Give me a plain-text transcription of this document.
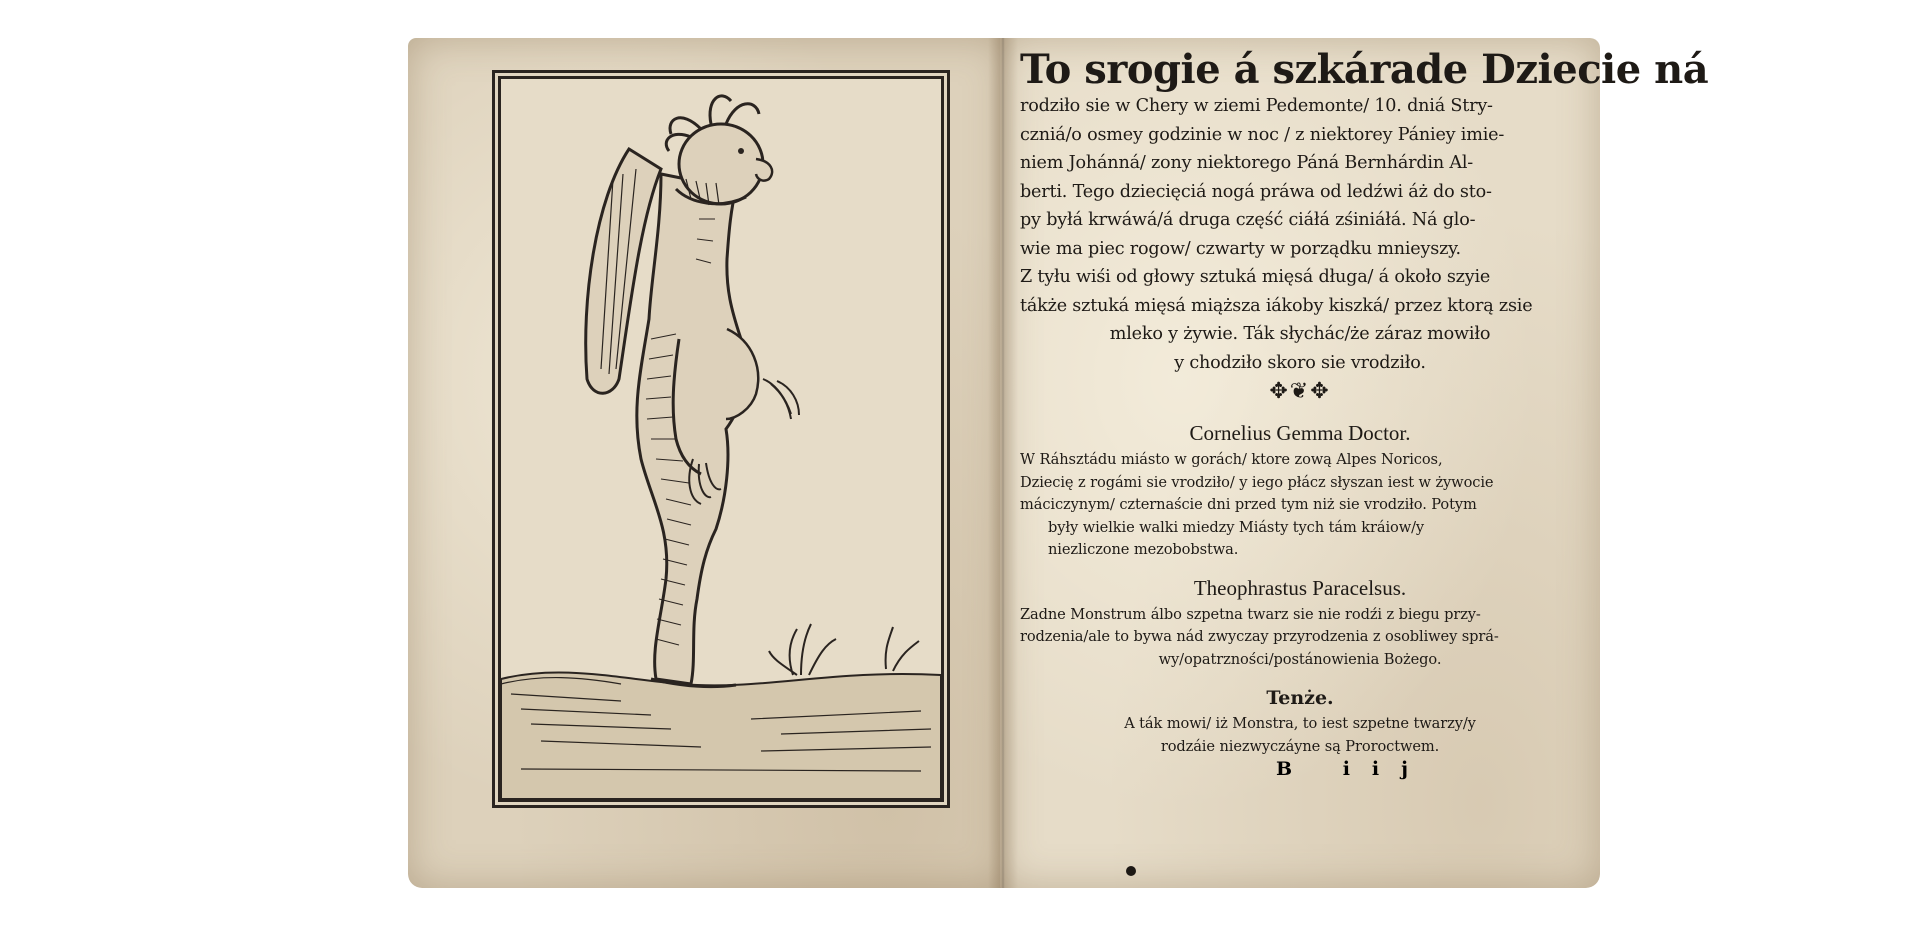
To srogie á szkárade Dziecie ná

rodziło sie w Chery w ziemi Pedemonte/ 10. dniá Stry-

czniá/o osmey godzinie w noc / z niektorey Pániey imie-

niem Johánná/ zony niektorego Páná Bernhárdin Al-

berti. Tego dziecięciá nogá práwa od ledźwi áż do sto-

py byłá krwáwá/á druga część ciáłá zśiniáłá. Ná glo-

wie ma piec rogow/ czwarty w porządku mnieyszy.

Z tyłu wiśi od głowy sztuká mięsá długa/ á około szyie

tákże sztuká mięsá miąższa iákoby kiszká/ przez ktorą zsie

mleko y żywie. Ták słychác/że záraz mowiło

y chodziło skoro sie vrodziło.

✥❦✥

Cornelius Gemma Doctor.

W Ráhsztádu miásto w gorách/ ktore zową Alpes Noricos,

Dziecię z rogámi sie vrodziło/ y iego płácz słyszan iest w żywocie

máciczynym/ czternaście dni przed tym niż sie vrodziło. Potym

były wielkie walki miedzy Miásty tych tám kráiow/y

niezliczone mezobobstwa.

Theophrastus Paracelsus.

Zadne Monstrum álbo szpetna twarz sie nie rodźi z biegu przy-

rodzenia/ale to bywa nád zwyczay przyrodzenia z osobliwey sprá-

wy/opatrzności/postánowienia Bożego.

Tenże.

A ták mowi/ iż Monstra, to iest szpetne twarzy/y

rodzáie niezwyczáyne są Proroctwem.

B iij
